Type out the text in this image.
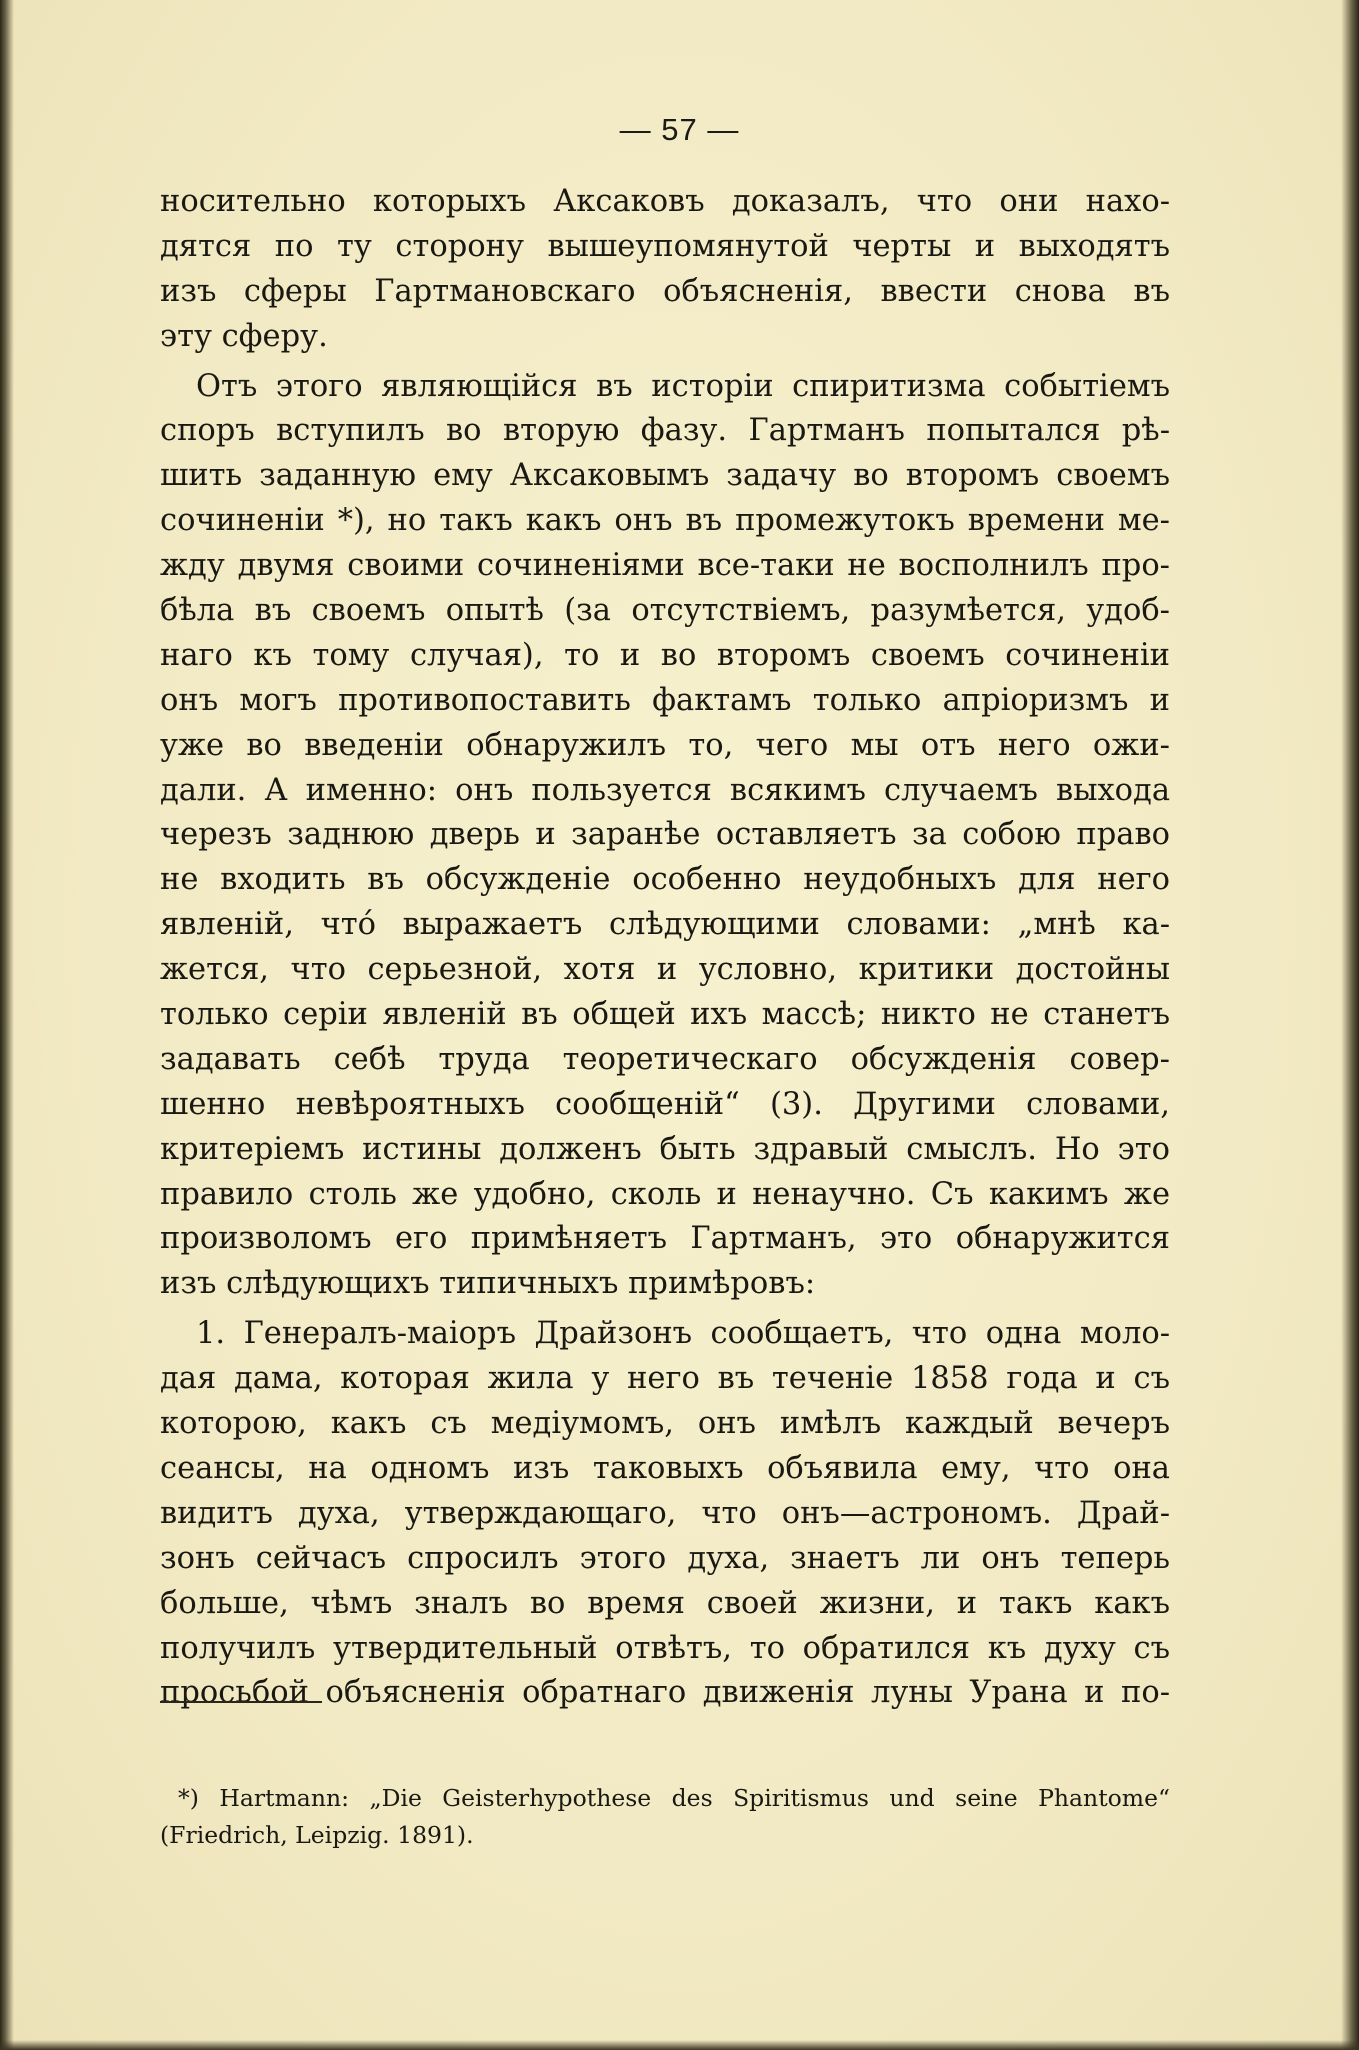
— 57 —
носительно которыхъ Аксаковъ доказалъ, что они нахо-
дятся по ту сторону вышеупомянутой черты и выходятъ
изъ сферы Гартмановскаго объясненія, ввести снова въ
эту сферу.
Отъ этого являющійся въ исторіи спиритизма событіемъ
споръ вступилъ во вторую фазу. Гартманъ попытался рѣ-
шить заданную ему Аксаковымъ задачу во второмъ своемъ
сочиненіи *), но такъ какъ онъ въ промежутокъ времени ме-
жду двумя своими сочиненіями все-таки не восполнилъ про-
бѣла въ своемъ опытѣ (за отсутствіемъ, разумѣется, удоб-
наго къ тому случая), то и во второмъ своемъ сочиненіи
онъ могъ противопоставить фактамъ только апріоризмъ и
уже во введеніи обнаружилъ то, чего мы отъ него ожи-
дали. А именно: онъ пользуется всякимъ случаемъ выхода
черезъ заднюю дверь и заранѣе оставляетъ за собою право
не входить въ обсужденіе особенно неудобныхъ для него
явленій, что́ выражаетъ слѣдующими словами: „мнѣ ка-
жется, что серьезной, хотя и условно, критики достойны
только серіи явленій въ общей ихъ массѣ; никто не станетъ
задавать себѣ труда теоретическаго обсужденія совер-
шенно невѣроятныхъ сообщеній“ (3). Другими словами,
критеріемъ истины долженъ быть здравый смыслъ. Но это
правило столь же удобно, сколь и ненаучно. Съ какимъ же
произволомъ его примѣняетъ Гартманъ, это обнаружится
изъ слѣдующихъ типичныхъ примѣровъ:
1. Генералъ-маіоръ Драйзонъ сообщаетъ, что одна моло-
дая дама, которая жила у него въ теченіе 1858 года и съ
которою, какъ съ медіумомъ, онъ имѣлъ каждый вечеръ
сеансы, на одномъ изъ таковыхъ объявила ему, что она
видитъ духа, утверждающаго, что онъ—астрономъ. Драй-
зонъ сейчасъ спросилъ этого духа, знаетъ ли онъ теперь
больше, чѣмъ зналъ во время своей жизни, и такъ какъ
получилъ утвердительный отвѣтъ, то обратился къ духу съ
просьбой объясненія обратнаго движенія луны Урана и по-
*) Hartmann: „Die Geisterhypothese des Spiritismus und seine Phantome“
(Friedrich, Leipzig. 1891).
